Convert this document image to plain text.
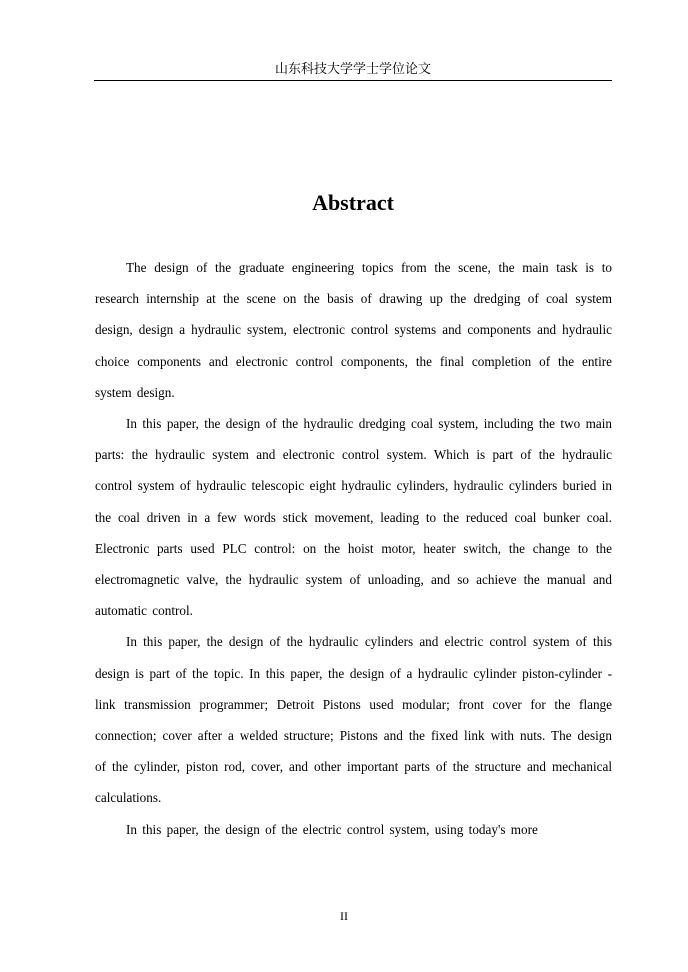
山东科技大学学士学位论文
Abstract

The design of the graduate engineering topics from the scene, the main task is to research internship at the scene on the basis of drawing up the dredging of coal system design, design a hydraulic system, electronic control systems and components and hydraulic choice components and electronic control components, the final completion of the entire system design.

In this paper, the design of the hydraulic dredging coal system, including the two main parts: the hydraulic system and electronic control system. Which is part of the hydraulic control system of hydraulic telescopic eight hydraulic cylinders, hydraulic cylinders buried in the coal driven in a few words stick movement, leading to the reduced coal bunker coal. Electronic parts used PLC control: on the hoist motor, heater switch, the change to the electromagnetic valve, the hydraulic system of unloading, and so achieve the manual and automatic control.

In this paper, the design of the hydraulic cylinders and electric control system of this design is part of the topic. In this paper, the design of a hydraulic cylinder piston-cylinder - link transmission programmer; Detroit Pistons used modular; front cover for the flange connection; cover after a welded structure; Pistons and the fixed link with nuts. The design of the cylinder, piston rod, cover, and other important parts of the structure and mechanical calculations.

In this paper, the design of the electric control system, using today's more

II
